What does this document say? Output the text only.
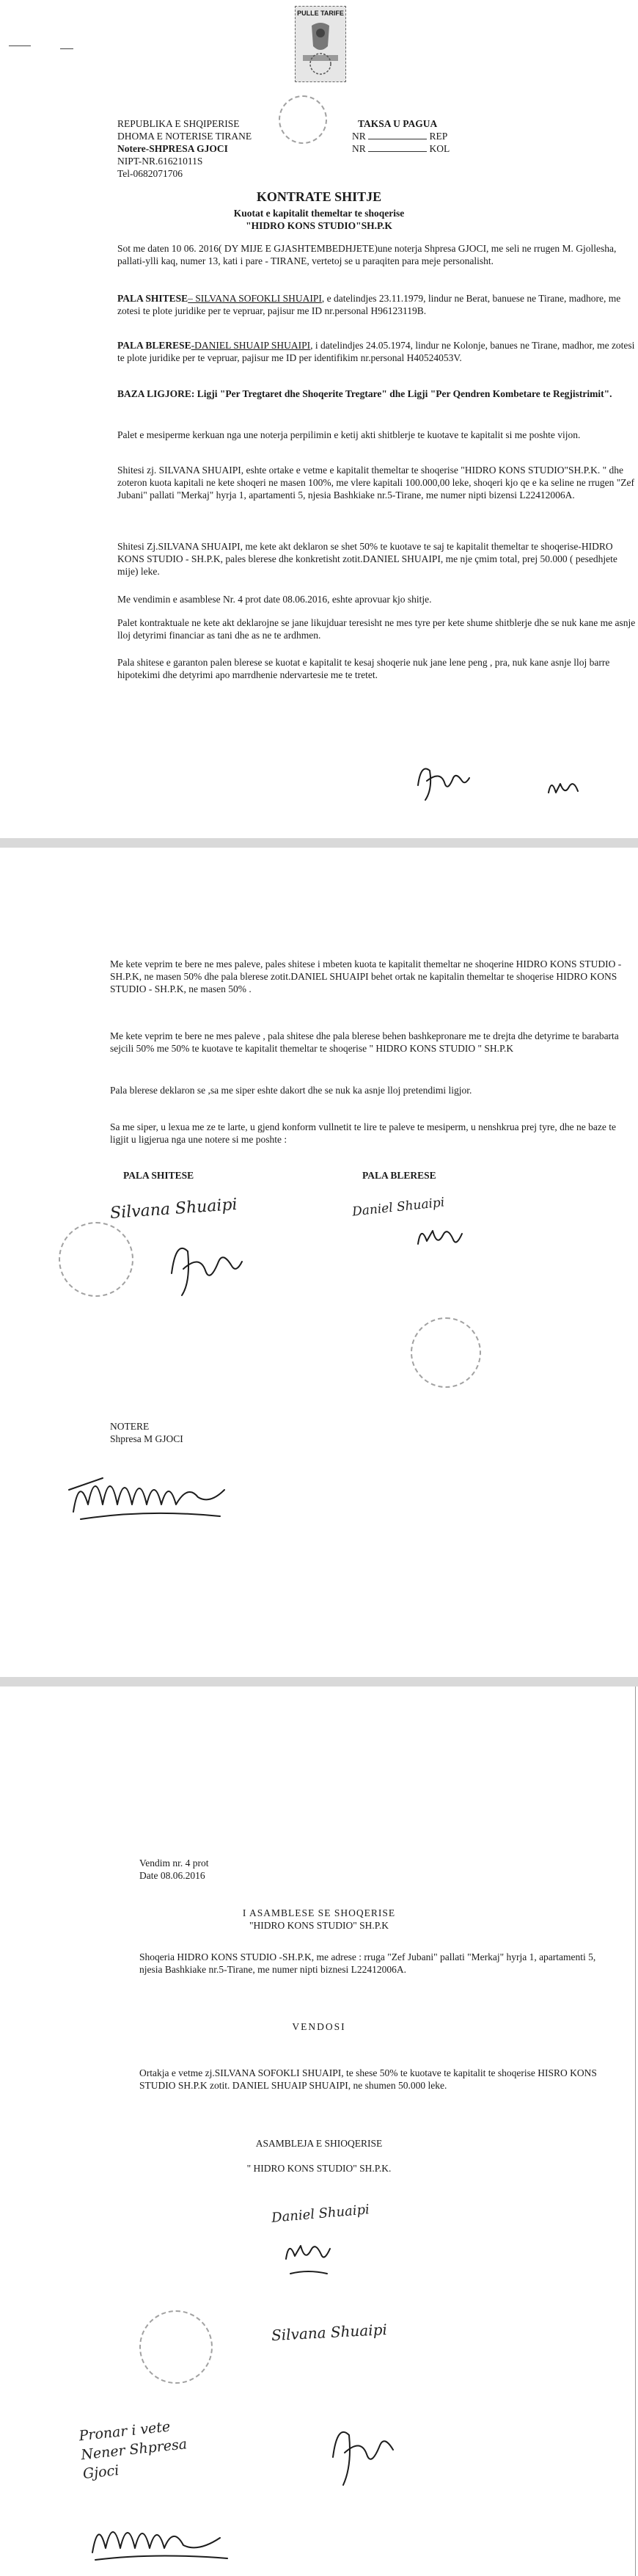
PULLE TARIFE
REPUBLIKA E SHQIPERISE
DHOMA E NOTERISE TIRANE
Notere-SHPRESA GJOCI
NIPT-NR.61621011S
Tel-0682071706
TAKSA U PAGUA
NR	REP
NR	KOL
KONTRATE SHITJE
Kuotat e kapitalit themeltar te shoqerise
"HIDRO KONS STUDIO"SH.P.K
Sot me daten 10 06. 2016( DY MIJE E GJASHTEMBEDHJETE)une noterja Shpresa GJOCI, me seli ne rrugen M. Gjollesha, pallati-ylli kaq, numer 13, kati i pare - TIRANE, vertetoj se u paraqiten para meje personalisht.
PALA SHITESE– SILVANA SOFOKLI SHUAIPI, e datelindjes 23.11.1979, lindur ne Berat, banuese ne Tirane, madhore, me zotesi te plote juridike per te vepruar, pajisur me ID nr.personal H96123119B.
PALA BLERESE-DANIEL SHUAIP SHUAIPI, i datelindjes 24.05.1974, lindur ne Kolonje, banues ne Tirane, madhor, me zotesi te plote juridike per te vepruar, pajisur me ID per identifikim nr.personal H40524053V.
BAZA LIGJORE: Ligji "Per Tregtaret dhe Shoqerite Tregtare" dhe Ligji "Per Qendren Kombetare te Regjistrimit".
Palet e mesiperme kerkuan nga une noterja perpilimin e ketij akti shitblerje te kuotave te kapitalit si me poshte vijon.
Shitesi zj. SILVANA SHUAIPI, eshte ortake e vetme e kapitalit themeltar te shoqerise "HIDRO KONS STUDIO"SH.P.K. " dhe zoteron kuota kapitali ne kete shoqeri ne masen 100%, me vlere kapitali 100.000,00 leke, shoqeri kjo qe e ka seline ne rrugen "Zef Jubani" pallati "Merkaj" hyrja 1, apartamenti 5, njesia Bashkiake nr.5-Tirane, me numer nipti bizensi L22412006A.
Shitesi Zj.SILVANA SHUAIPI, me kete akt deklaron se shet 50% te kuotave te saj te kapitalit themeltar te shoqerise-HIDRO KONS STUDIO - SH.P.K, pales blerese dhe konkretisht zotit.DANIEL SHUAIPI, me nje çmim total, prej 50.000 ( pesedhjete mije) leke.
Me vendimin e asamblese Nr. 4 prot date 08.06.2016, eshte aprovuar kjo shitje.
Palet kontraktuale ne kete akt deklarojne se jane likujduar teresisht ne mes tyre per kete shume shitblerje dhe se nuk kane me asnje lloj detyrimi financiar as tani dhe as ne te ardhmen.
Pala shitese e garanton palen blerese se kuotat e kapitalit te kesaj shoqerie nuk jane lene peng , pra, nuk kane asnje lloj barre hipotekimi dhe detyrimi apo marrdhenie ndervartesie me te tretet.
Me kete veprim te bere ne mes paleve, pales shitese i mbeten kuota te kapitalit themeltar ne shoqerine HIDRO KONS STUDIO -SH.P.K, ne masen 50% dhe pala blerese zotit.DANIEL SHUAIPI behet ortak ne kapitalin themeltar te shoqerise HIDRO KONS STUDIO - SH.P.K, ne masen 50% .
Me kete veprim te bere ne mes paleve , pala shitese dhe pala blerese behen bashkepronare me te drejta dhe detyrime te barabarta sejcili 50% me 50% te kuotave te kapitalit themeltar te shoqerise " HIDRO KONS STUDIO " SH.P.K
Pala blerese deklaron se ,sa me siper eshte dakort dhe se nuk ka asnje lloj pretendimi ligjor.
Sa me siper, u lexua me ze te larte, u gjend konform vullnetit te lire te paleve te mesiperm, u nenshkrua prej tyre, dhe ne baze te ligjit u ligjerua nga une notere si me poshte :
PALA SHITESE	PALA BLERESE
Silvana Shuaipi	Daniel Shuaipi
NOTERE
Shpresa M GJOCI
Vendim nr. 4 prot
Date 08.06.2016
I ASAMBLESE SE SHOQERISE
"HIDRO KONS STUDIO" SH.P.K
Shoqeria HIDRO KONS STUDIO -SH.P.K, me adrese : rruga "Zef Jubani" pallati "Merkaj" hyrja 1, apartamenti 5, njesia Bashkiake nr.5-Tirane, me numer nipti biznesi L22412006A.
VENDOSI
Ortakja e vetme zj.SILVANA SOFOKLI SHUAIPI, te shese 50% te kuotave te kapitalit te shoqerise HISRO KONS STUDIO SH.P.K zotit. DANIEL SHUAIP SHUAIPI, ne shumen 50.000 leke.
ASAMBLEJA E SHIOQERISE
" HIDRO KONS STUDIO" SH.P.K.
Daniel Shuaipi
Silvana Shuaipi
Pronar i vete Nener Shpresa Gjoci
